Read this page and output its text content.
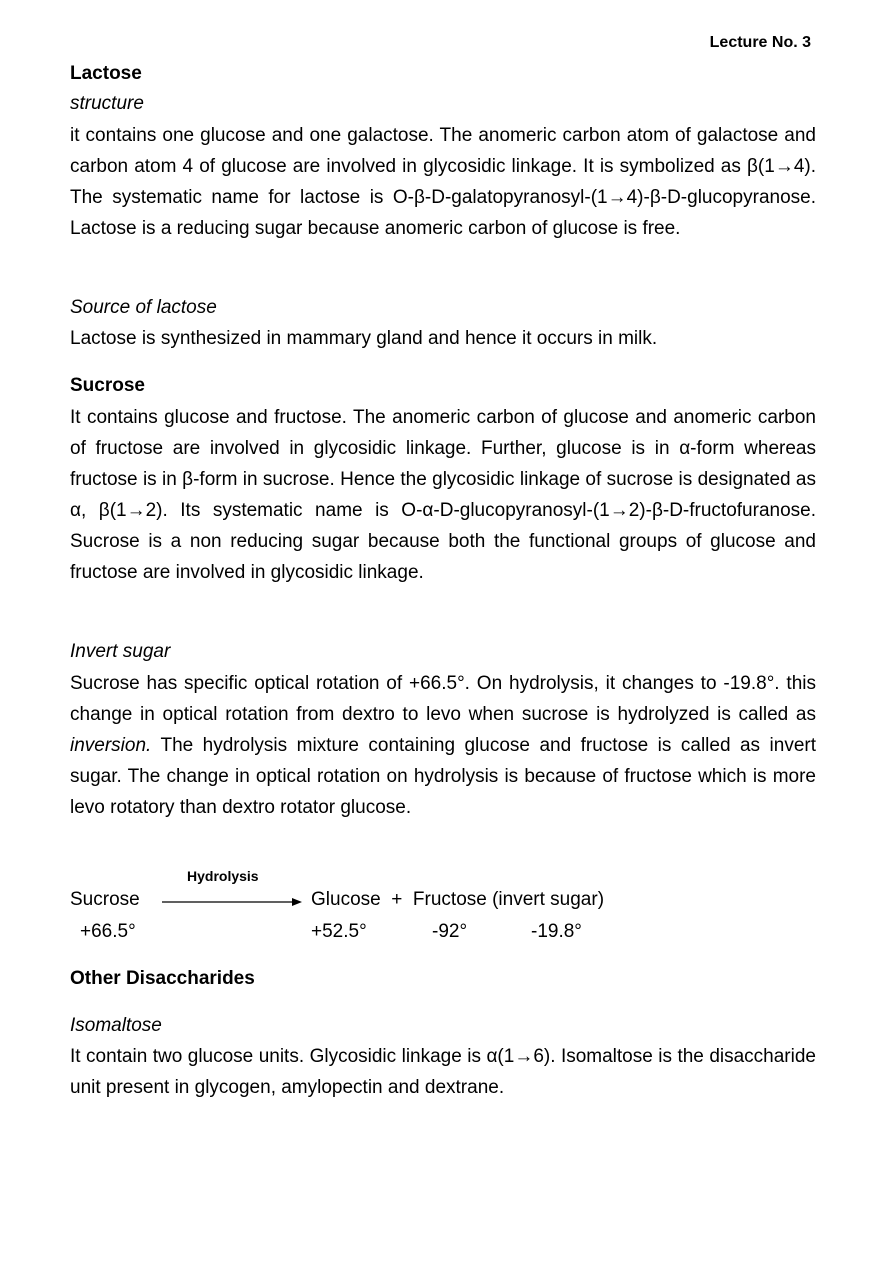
Lecture No. 3
Lactose
structure

it contains one glucose and one galactose. The anomeric carbon atom of galactose and carbon atom 4 of glucose are involved in glycosidic linkage. It is symbolized as β(1→4). The systematic name for lactose is O-β-D-galatopyranosyl-(1→4)-β-D-glucopyranose. Lactose is a reducing sugar because anomeric carbon of glucose is free.

Source of lactose

Lactose is synthesized in mammary gland and hence it occurs in milk.

Sucrose

It contains glucose and fructose. The anomeric carbon of glucose and anomeric carbon of fructose are involved in glycosidic linkage. Further, glucose is in α-form whereas fructose is in β-form in sucrose. Hence the glycosidic linkage of sucrose is designated as α, β(1→2). Its systematic name is O-α-D-glucopyranosyl-(1→2)-β-D-fructofuranose. Sucrose is a non reducing sugar because both the functional groups of glucose and fructose are involved in glycosidic linkage.

Invert sugar

Sucrose has specific optical rotation of +66.5°. On hydrolysis, it changes to -19.8°. this change in optical rotation from dextro to levo when sucrose is hydrolyzed is called as inversion. The hydrolysis mixture containing glucose and fructose is called as invert sugar. The change in optical rotation on hydrolysis is because of fructose which is more levo rotatory than dextro rotator glucose.

Hydrolysis
Sucrose	Glucose  +  Fructose (invert sugar)
+66.5°	+52.5°	-92°	-19.8°
Other Disaccharides
Isomaltose

It contain two glucose units. Glycosidic linkage is α(1→6). Isomaltose is the disaccharide unit present in glycogen, amylopectin and dextrane.
